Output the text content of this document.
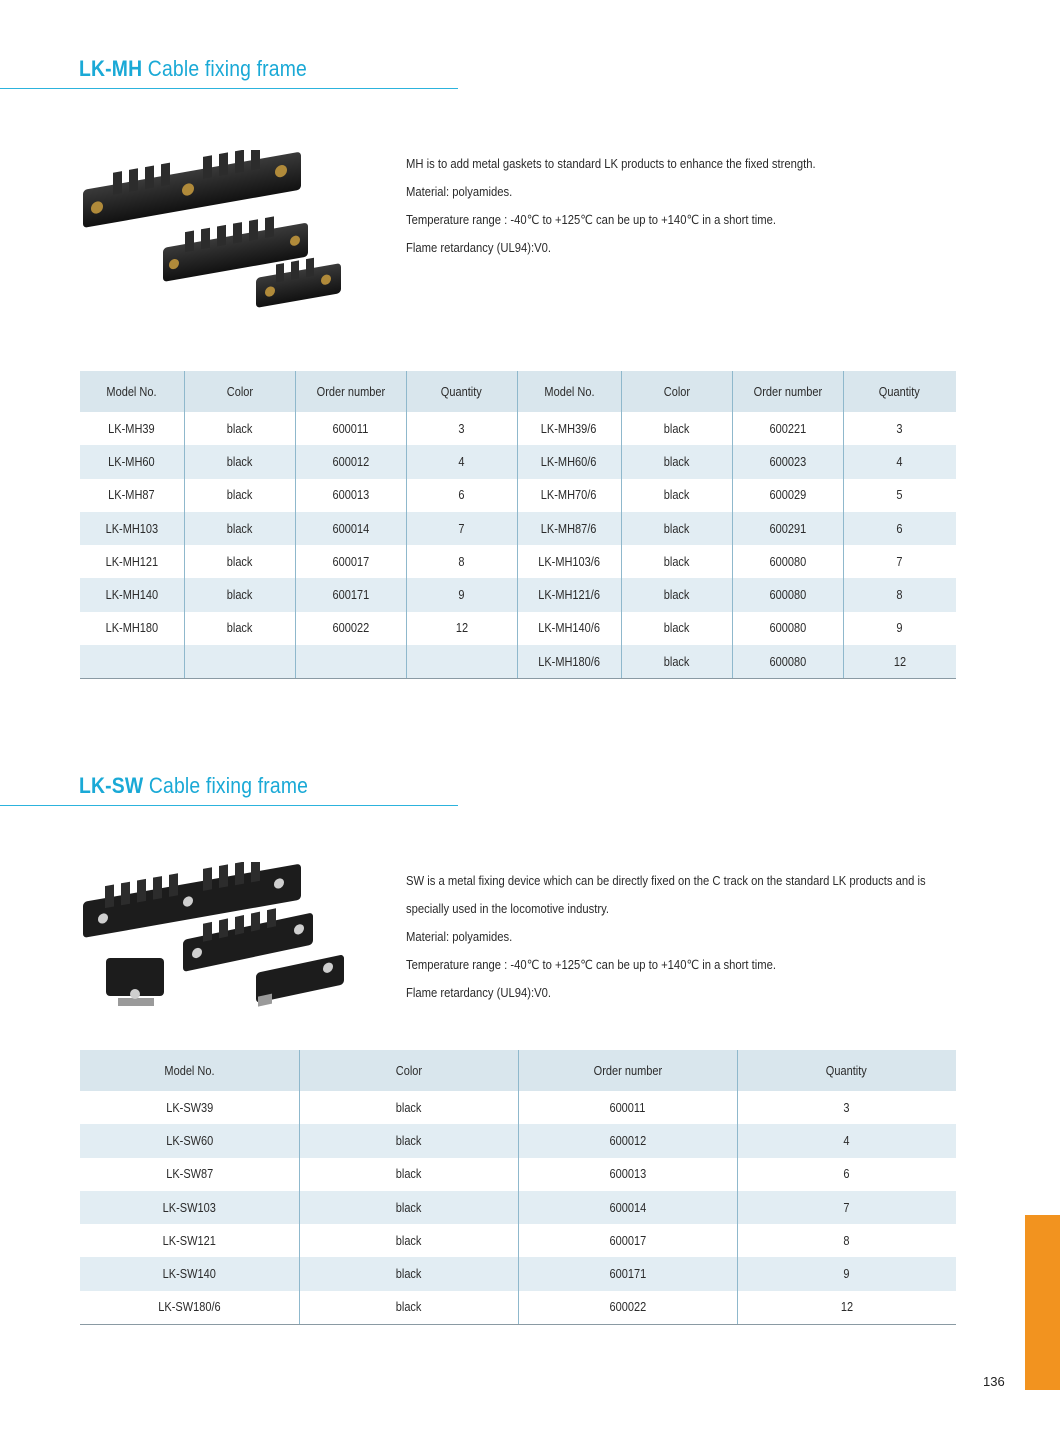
LK-MH Cable fixing frame

MH is to add metal gaskets to standard LK products to enhance the fixed strength.

Material: polyamides.

Temperature range : -40℃ to +125℃ can be up to +140℃ in a short time.

Flame retardancy (UL94):V0.

Model No.	Color	Order number	Quantity	Model No.	Color	Order number	Quantity
LK-MH39	black	600011	3	LK-MH39/6	black	600221	3
LK-MH60	black	600012	4	LK-MH60/6	black	600023	4
LK-MH87	black	600013	6	LK-MH70/6	black	600029	5
LK-MH103	black	600014	7	LK-MH87/6	black	600291	6
LK-MH121	black	600017	8	LK-MH103/6	black	600080	7
LK-MH140	black	600171	9	LK-MH121/6	black	600080	8
LK-MH180	black	600022	12	LK-MH140/6	black	600080	9
				LK-MH180/6	black	600080	12
LK-SW Cable fixing frame

SW is a metal fixing device which can be directly fixed on the C track on the standard LK products and is

specially used in the locomotive industry.

Material: polyamides.

Temperature range : -40℃ to +125℃ can be up to +140℃ in a short time.

Flame retardancy (UL94):V0.

Model No.	Color	Order number	Quantity
LK-SW39	black	600011	3
LK-SW60	black	600012	4
LK-SW87	black	600013	6
LK-SW103	black	600014	7
LK-SW121	black	600017	8
LK-SW140	black	600171	9
LK-SW180/6	black	600022	12
136
